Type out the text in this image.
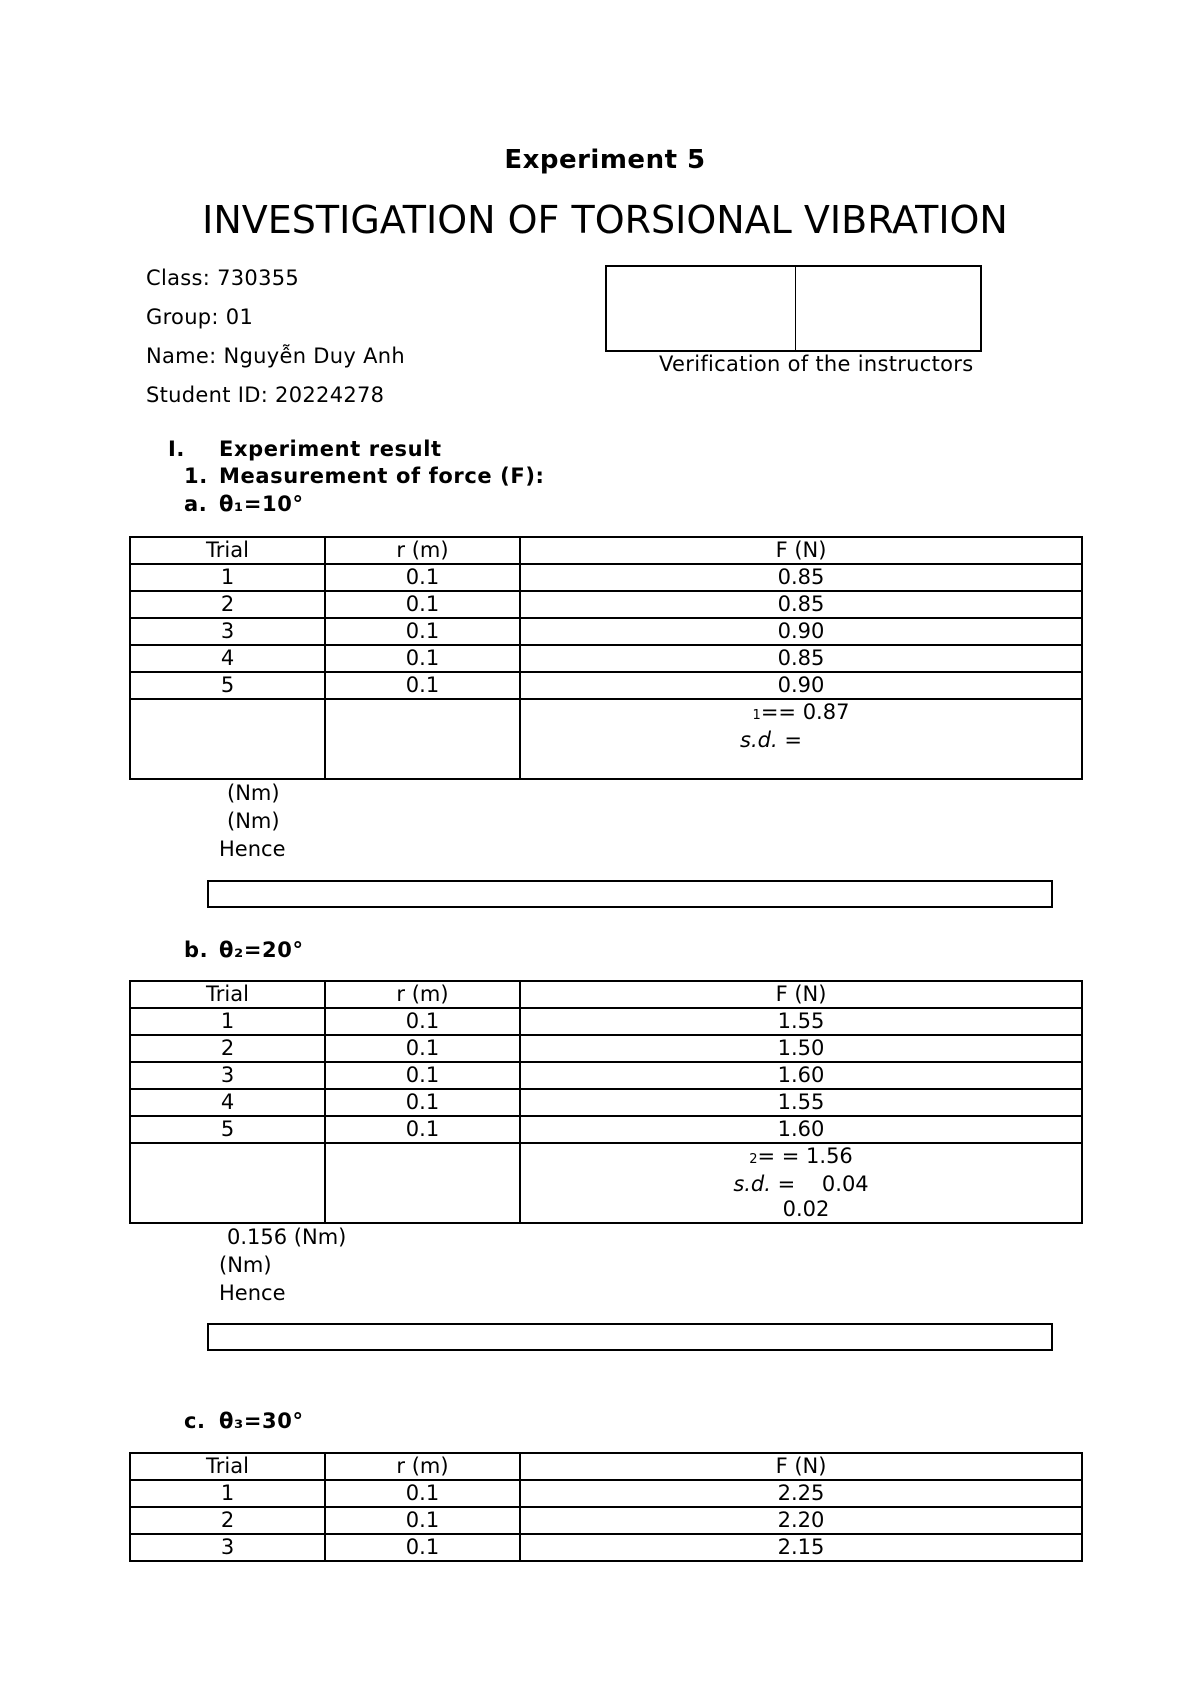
Experiment 5
INVESTIGATION OF TORSIONAL VIBRATION
Class: 730355
Group: 01
Name: Nguyễn Duy Anh
Student ID: 20224278
Verification of the instructors
I. Experiment result
1. Measurement of force (F):
a. θ₁=10°
Trial	r (m)	F (N)
1	0.1	0.85
2	0.1	0.85
3	0.1	0.90
4	0.1	0.85
5	0.1	0.90

		1== 0.87
s.d. =
(Nm)
(Nm)
Hence
b. θ₂=20°
Trial	r (m)	F (N)
1	0.1	1.55
2	0.1	1.50
3	0.1	1.60
4	0.1	1.55
5	0.1	1.60

		2= = 1.56
s.d. =    0.04
0.02
0.156 (Nm)
(Nm)
Hence
c. θ₃=30°
Trial	r (m)	F (N)
1	0.1	2.25
2	0.1	2.20
3	0.1	2.15
